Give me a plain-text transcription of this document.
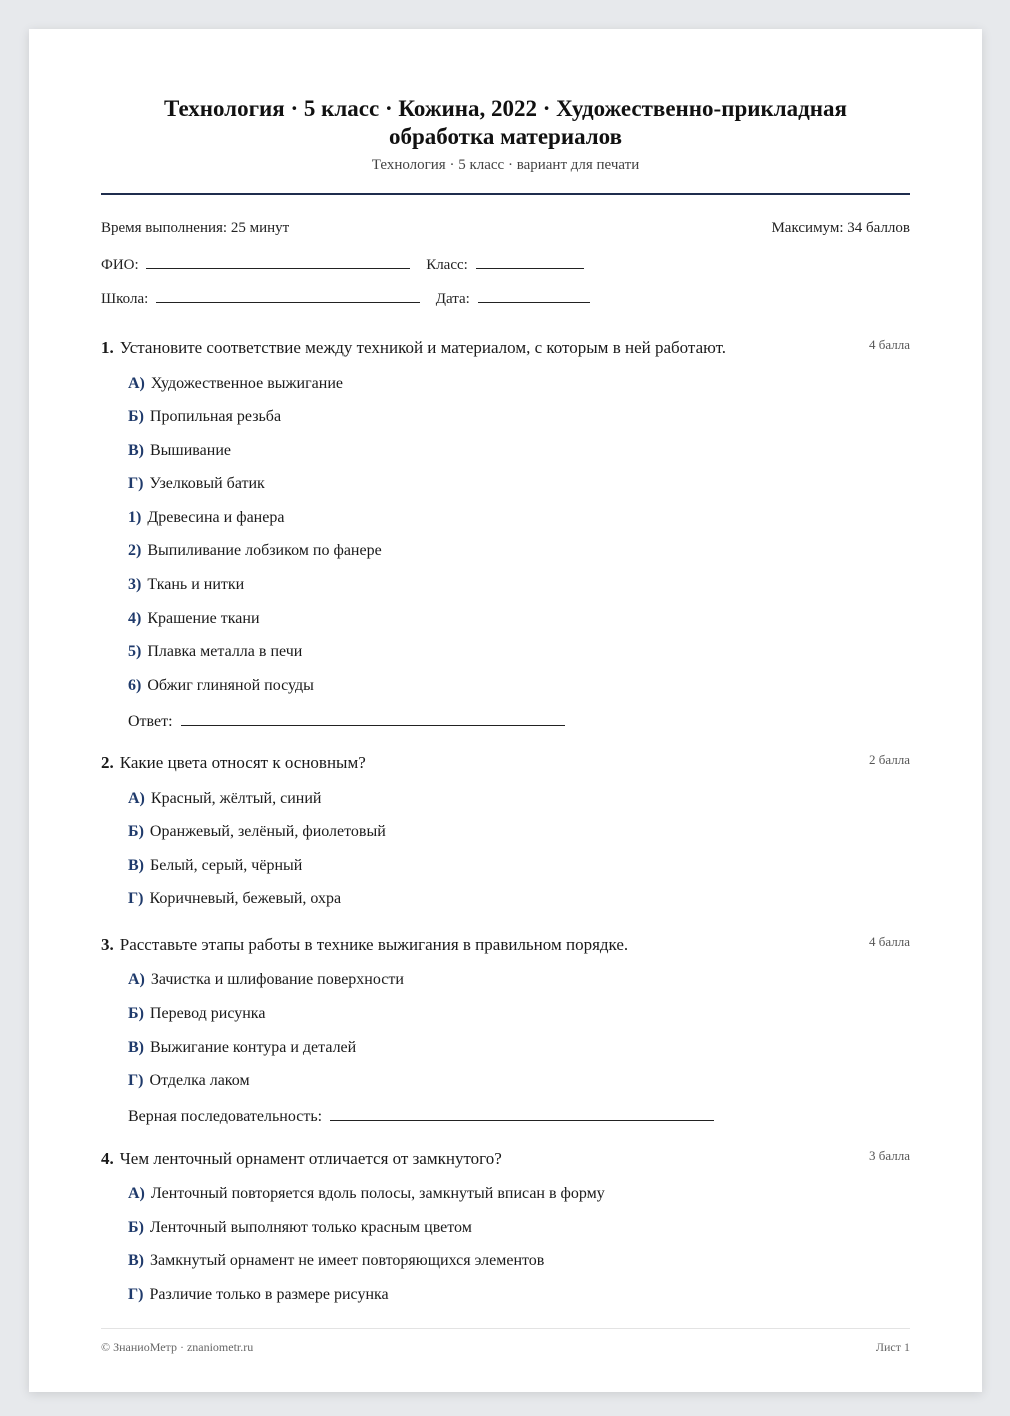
Технология · 5 класс · Кожина, 2022 · Художественно-прикладная
обработка материалов
Технология · 5 класс · вариант для печати
Время выполнения: 25 минут	Максимум: 34 баллов
ФИО:	Класс:
Школа:	Дата:
1. Установите соответствие между техникой и материалом, с которым в ней работают.	4 балла
А) Художественное выжигание
Б) Пропильная резьба
В) Вышивание
Г) Узелковый батик
1) Древесина и фанера
2) Выпиливание лобзиком по фанере
3) Ткань и нитки
4) Крашение ткани
5) Плавка металла в печи
6) Обжиг глиняной посуды
Ответ:
2. Какие цвета относят к основным?	2 балла
А) Красный, жёлтый, синий
Б) Оранжевый, зелёный, фиолетовый
В) Белый, серый, чёрный
Г) Коричневый, бежевый, охра
3. Расставьте этапы работы в технике выжигания в правильном порядке.	4 балла
А) Зачистка и шлифование поверхности
Б) Перевод рисунка
В) Выжигание контура и деталей
Г) Отделка лаком
Верная последовательность:
4. Чем ленточный орнамент отличается от замкнутого?	3 балла
А) Ленточный повторяется вдоль полосы, замкнутый вписан в форму
Б) Ленточный выполняют только красным цветом
В) Замкнутый орнамент не имеет повторяющихся элементов
Г) Различие только в размере рисунка
© ЗнаниоМетр · znaniometr.ru	Лист 1
